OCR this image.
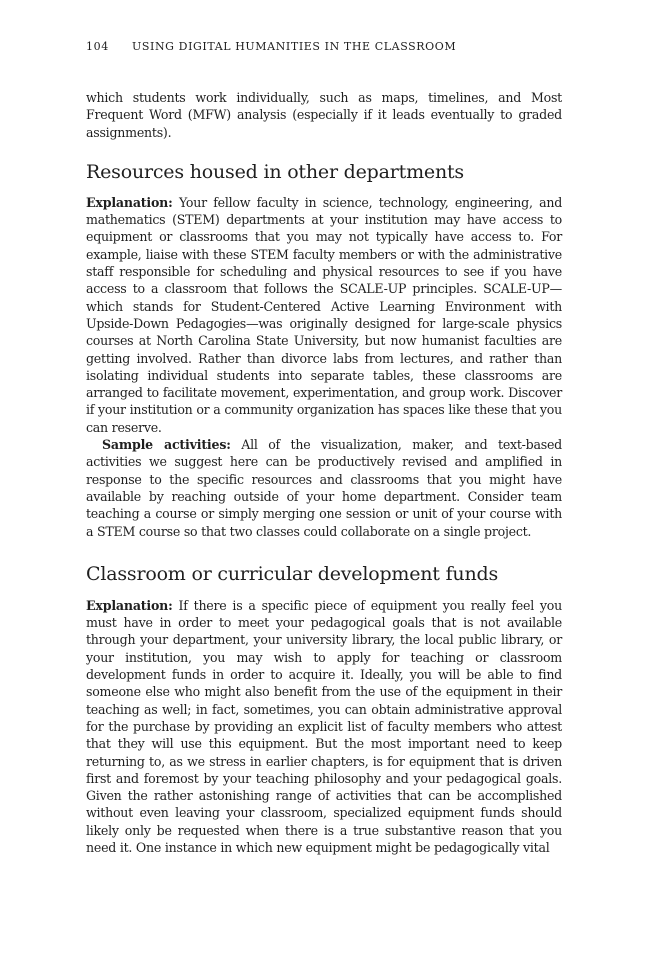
104	USING DIGITAL HUMANITIES IN THE CLASSROOM

which students work individually, such as maps, timelines, and Most Frequent Word (MFW) analysis (especially if it leads eventually to graded assignments).

Resources housed in other departments

Explanation: Your fellow faculty in science, technology, engineering, and mathematics (STEM) departments at your institution may have access to equipment or classrooms that you may not typically have access to. For example, liaise with these STEM faculty members or with the administrative staff responsible for scheduling and physical resources to see if you have access to a classroom that follows the SCALE-UP principles. SCALE-UP—which stands for Student-Centered Active Learning Environment with Upside-Down Pedagogies—was originally designed for large-scale physics courses at North Carolina State University, but now humanist faculties are getting involved. Rather than divorce labs from lectures, and rather than isolating individual students into separate tables, these classrooms are arranged to facilitate movement, experimentation, and group work. Discover if your institution or a community organization has spaces like these that you can reserve.

Sample activities: All of the visualization, maker, and text-based activities we suggest here can be productively revised and amplified in response to the specific resources and classrooms that you might have available by reaching outside of your home department. Consider team teaching a course or simply merging one session or unit of your course with a STEM course so that two classes could collaborate on a single project.

Classroom or curricular development funds

Explanation: If there is a specific piece of equipment you really feel you must have in order to meet your pedagogical goals that is not available through your department, your university library, the local public library, or your institution, you may wish to apply for teaching or classroom development funds in order to acquire it. Ideally, you will be able to find someone else who might also benefit from the use of the equipment in their teaching as well; in fact, sometimes, you can obtain administrative approval for the purchase by providing an explicit list of faculty members who attest that they will use this equipment. But the most important need to keep returning to, as we stress in earlier chapters, is for equipment that is driven first and foremost by your teaching philosophy and your pedagogical goals. Given the rather astonishing range of activities that can be accomplished without even leaving your classroom, specialized equipment funds should likely only be requested when there is a true substantive reason that you need it. One instance in which new equipment might be pedagogically vital
